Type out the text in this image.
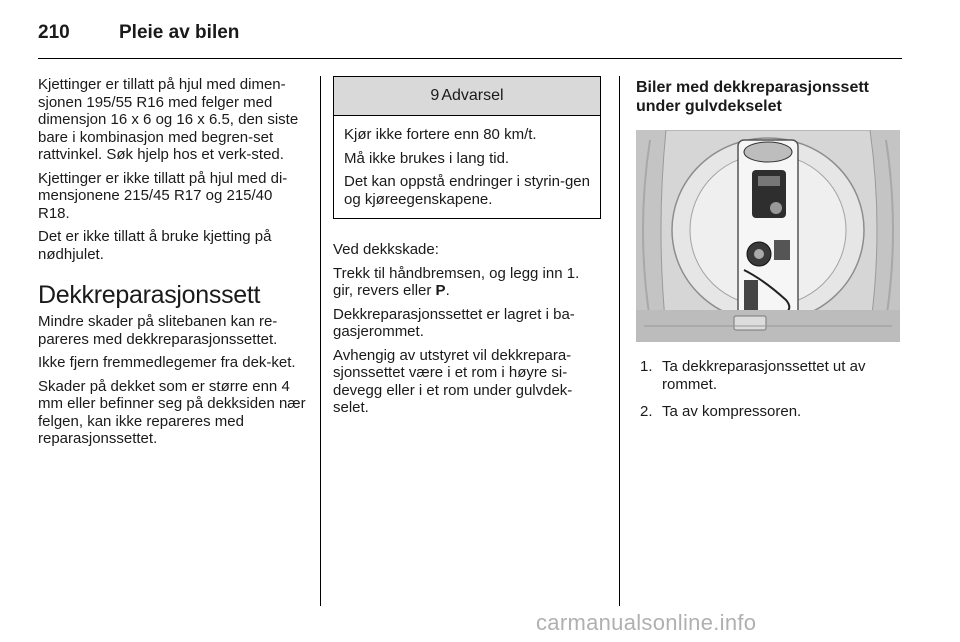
210	Pleie av bilen

Kjettinger er tillatt på hjul med dimen-sjonen 195/55 R16 med felger med dimensjon 16 x 6 og 16 x 6.5, den siste bare i kombinasjon med begren-set rattvinkel. Søk hjelp hos et verk-sted.

Kjettinger er ikke tillatt på hjul med di-mensjonene 215/45 R17 og 215/40 R18.

Det er ikke tillatt å bruke kjetting på nødhjulet.

Dekkreparasjonssett

Mindre skader på slitebanen kan re-pareres med dekkreparasjonssettet.

Ikke fjern fremmedlegemer fra dek-ket.

Skader på dekket som er større enn 4 mm eller befinner seg på dekksiden nær felgen, kan ikke repareres med reparasjonssettet.

9 Advarsel

Kjør ikke fortere enn 80 km/t.

Må ikke brukes i lang tid.

Det kan oppstå endringer i styrin-gen og kjøreegenskapene.

Ved dekkskade:

Trekk til håndbremsen, og legg inn 1. gir, revers eller P.

Dekkreparasjonssettet er lagret i ba-gasjerommet.

Avhengig av utstyret vil dekkrepara-sjonssettet være i et rom i høyre si-devegg eller i et rom under gulvdek-selet.

Biler med dekkreparasjonssett under gulvdekselet
1. Ta dekkreparasjonssettet ut av rommet.
2. Ta av kompressoren.
carmanualsonline.info
